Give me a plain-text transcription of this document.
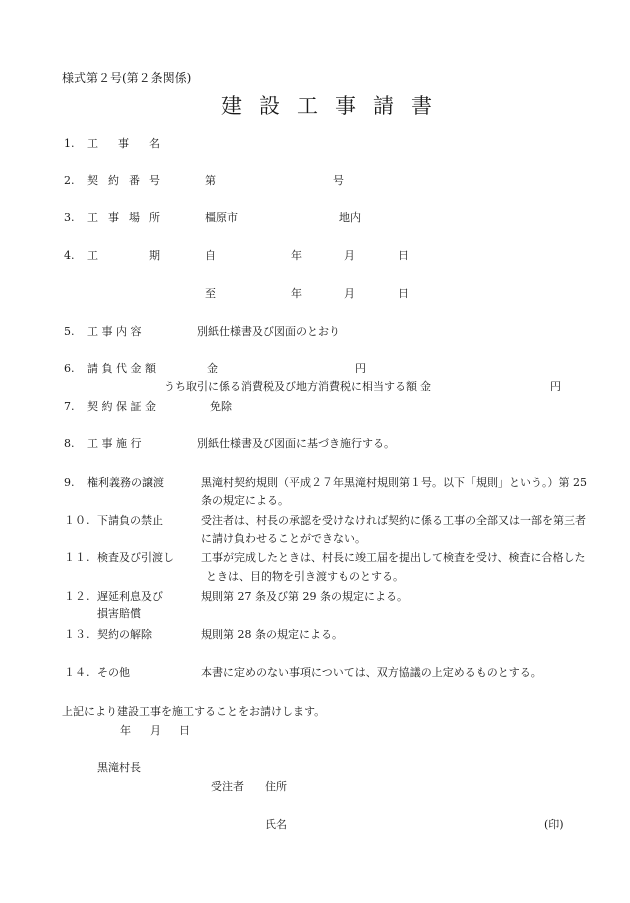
様式第２号(第２条関係)
建 設 工 事 請 書
1. 工 事 名
2. 契 約 番 号	第	号
3. 工 事 場 所	橿原市	地内
4. 工	期	自	年	月	日
至	年	月	日
5. 工 事 内 容	別紙仕様書及び図面のとおり
6. 請 負 代 金 額	金	円
うち取引に係る消費税及び地方消費税に相当する額 金	円
7. 契 約 保 証 金	免除
8. 工 事 施 行	別紙仕様書及び図面に基づき施行する。
9. 権利義務の譲渡	黒滝村契約規則（平成２７年黒滝村規則第１号。以下「規則」という。）第 25
条の規定による。
１０. 下請負の禁止	受注者は、村長の承認を受けなければ契約に係る工事の全部又は一部を第三者
に請け負わせることができない。
１１. 検査及び引渡し 工事が完成したときは、村長に竣工届を提出して検査を受け、検査に合格した
ときは、目的物を引き渡すものとする。
１２. 遅延利息及び
損害賠償
規則第 27 条及び第 29 条の規定による。
１３. 契約の解除	規則第 28 条の規定による。
１４. その他	本書に定めのない事項については、双方協議の上定めるものとする。
上記により建設工事を施工することをお請けします。
年 月 日
黒滝村長
受注者 住所
氏名	(印)
